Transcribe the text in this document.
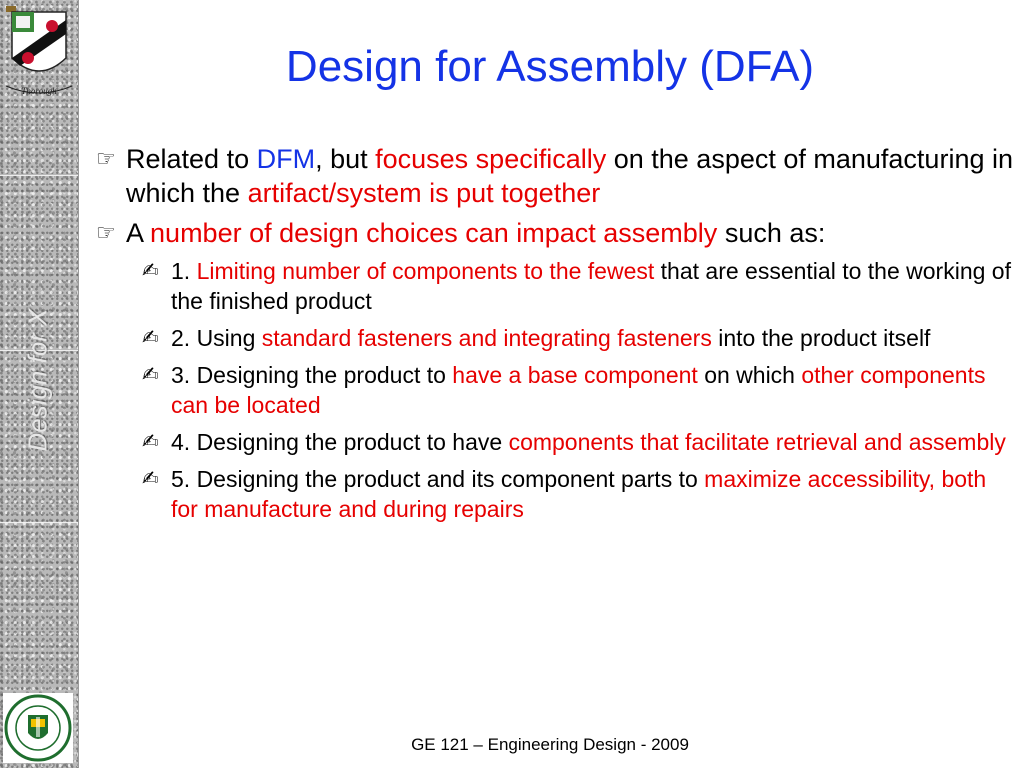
Thorough
Design for X
Design for Assembly (DFA)
☞ Related to DFM, but focuses specifically on the aspect of manufacturing in which the artifact/system is put together
☞ A number of design choices can impact assembly such as:
✍ 1. Limiting number of components to the fewest that are essential to the working of the finished product
✍ 2. Using standard fasteners and integrating fasteners into the product itself
✍ 3. Designing the product to have a base component on which other components can be located
✍ 4. Designing the product to have components that facilitate retrieval and assembly
✍ 5. Designing the product and its component parts to maximize accessibility, both for manufacture and during repairs
GE 121 – Engineering Design - 2009
